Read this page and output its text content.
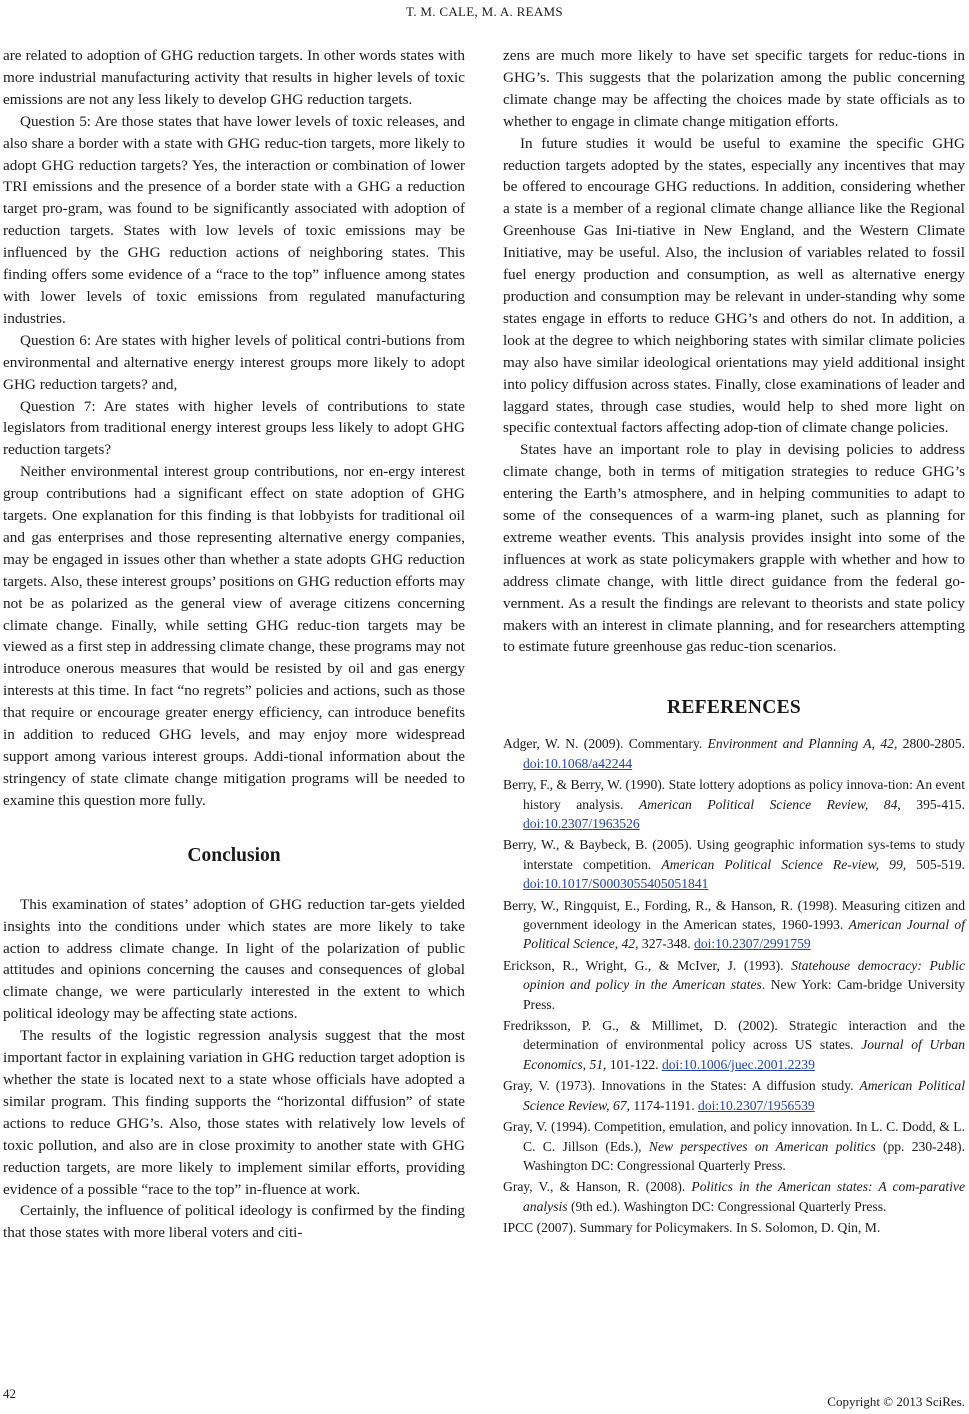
T. M. CALE, M. A. REAMS

are related to adoption of GHG reduction targets. In other words states with more industrial manufacturing activity that results in higher levels of toxic emissions are not any less likely to develop GHG reduction targets.

Question 5: Are those states that have lower levels of toxic releases, and also share a border with a state with GHG reduc-tion targets, more likely to adopt GHG reduction targets? Yes, the interaction or combination of lower TRI emissions and the presence of a border state with a GHG a reduction target pro-gram, was found to be significantly associated with adoption of reduction targets. States with low levels of toxic emissions may be influenced by the GHG reduction actions of neighboring states. This finding offers some evidence of a “race to the top” influence among states with lower levels of toxic emissions from regulated manufacturing industries.

Question 6: Are states with higher levels of political contri-butions from environmental and alternative energy interest groups more likely to adopt GHG reduction targets? and,

Question 7: Are states with higher levels of contributions to state legislators from traditional energy interest groups less likely to adopt GHG reduction targets?

Neither environmental interest group contributions, nor en-ergy interest group contributions had a significant effect on state adoption of GHG targets. One explanation for this finding is that lobbyists for traditional oil and gas enterprises and those representing alternative energy companies, may be engaged in issues other than whether a state adopts GHG reduction targets. Also, these interest groups’ positions on GHG reduction efforts may not be as polarized as the general view of average citizens concerning climate change. Finally, while setting GHG reduc-tion targets may be viewed as a first step in addressing climate change, these programs may not introduce onerous measures that would be resisted by oil and gas energy interests at this time. In fact “no regrets” policies and actions, such as those that require or encourage greater energy efficiency, can introduce benefits in addition to reduced GHG levels, and may enjoy more widespread support among various interest groups. Addi-tional information about the stringency of state climate change mitigation programs will be needed to examine this question more fully.

Conclusion

This examination of states’ adoption of GHG reduction tar-gets yielded insights into the conditions under which states are more likely to take action to address climate change. In light of the polarization of public attitudes and opinions concerning the causes and consequences of global climate change, we were particularly interested in the extent to which political ideology may be affecting state actions.

The results of the logistic regression analysis suggest that the most important factor in explaining variation in GHG reduction target adoption is whether the state is located next to a state whose officials have adopted a similar program. This finding supports the “horizontal diffusion” of state actions to reduce GHG’s. Also, those states with relatively low levels of toxic pollution, and also are in close proximity to another state with GHG reduction targets, are more likely to implement similar efforts, providing evidence of a possible “race to the top” in-fluence at work.

Certainly, the influence of political ideology is confirmed by the finding that those states with more liberal voters and citi-

zens are much more likely to have set specific targets for reduc-tions in GHG’s. This suggests that the polarization among the public concerning climate change may be affecting the choices made by state officials as to whether to engage in climate change mitigation efforts.

In future studies it would be useful to examine the specific GHG reduction targets adopted by the states, especially any incentives that may be offered to encourage GHG reductions. In addition, considering whether a state is a member of a regional climate change alliance like the Regional Greenhouse Gas Ini-tiative in New England, and the Western Climate Initiative, may be useful. Also, the inclusion of variables related to fossil fuel energy production and consumption, as well as alternative energy production and consumption may be relevant in under-standing why some states engage in efforts to reduce GHG’s and others do not. In addition, a look at the degree to which neighboring states with similar climate policies may also have similar ideological orientations may yield additional insight into policy diffusion across states. Finally, close examinations of leader and laggard states, through case studies, would help to shed more light on specific contextual factors affecting adop-tion of climate change policies.

States have an important role to play in devising policies to address climate change, both in terms of mitigation strategies to reduce GHG’s entering the Earth’s atmosphere, and in helping communities to adapt to some of the consequences of a warm-ing planet, such as planning for extreme weather events. This analysis provides insight into some of the influences at work as state policymakers grapple with whether and how to address climate change, with little direct guidance from the federal go-vernment. As a result the findings are relevant to theorists and state policy makers with an interest in climate planning, and for researchers attempting to estimate future greenhouse gas reduc-tion scenarios.

REFERENCES
Adger, W. N. (2009). Commentary. Environment and Planning A, 42, 2800-2805. doi:10.1068/a42244
Berry, F., & Berry, W. (1990). State lottery adoptions as policy innova-tion: An event history analysis. American Political Science Review, 84, 395-415. doi:10.2307/1963526
Berry, W., & Baybeck, B. (2005). Using geographic information sys-tems to study interstate competition. American Political Science Re-view, 99, 505-519. doi:10.1017/S0003055405051841
Berry, W., Ringquist, E., Fording, R., & Hanson, R. (1998). Measuring citizen and government ideology in the American states, 1960-1993. American Journal of Political Science, 42, 327-348. doi:10.2307/2991759
Erickson, R., Wright, G., & McIver, J. (1993). Statehouse democracy: Public opinion and policy in the American states. New York: Cam-bridge University Press.
Fredriksson, P. G., & Millimet, D. (2002). Strategic interaction and the determination of environmental policy across US states. Journal of Urban Economics, 51, 101-122. doi:10.1006/juec.2001.2239
Gray, V. (1973). Innovations in the States: A diffusion study. American Political Science Review, 67, 1174-1191. doi:10.2307/1956539
Gray, V. (1994). Competition, emulation, and policy innovation. In L. C. Dodd, & L. C. C. Jillson (Eds.), New perspectives on American politics (pp. 230-248). Washington DC: Congressional Quarterly Press.
Gray, V., & Hanson, R. (2008). Politics in the American states: A com-parative analysis (9th ed.). Washington DC: Congressional Quarterly Press.
IPCC (2007). Summary for Policymakers. In S. Solomon, D. Qin, M.
42
Copyright © 2013 SciRes.
